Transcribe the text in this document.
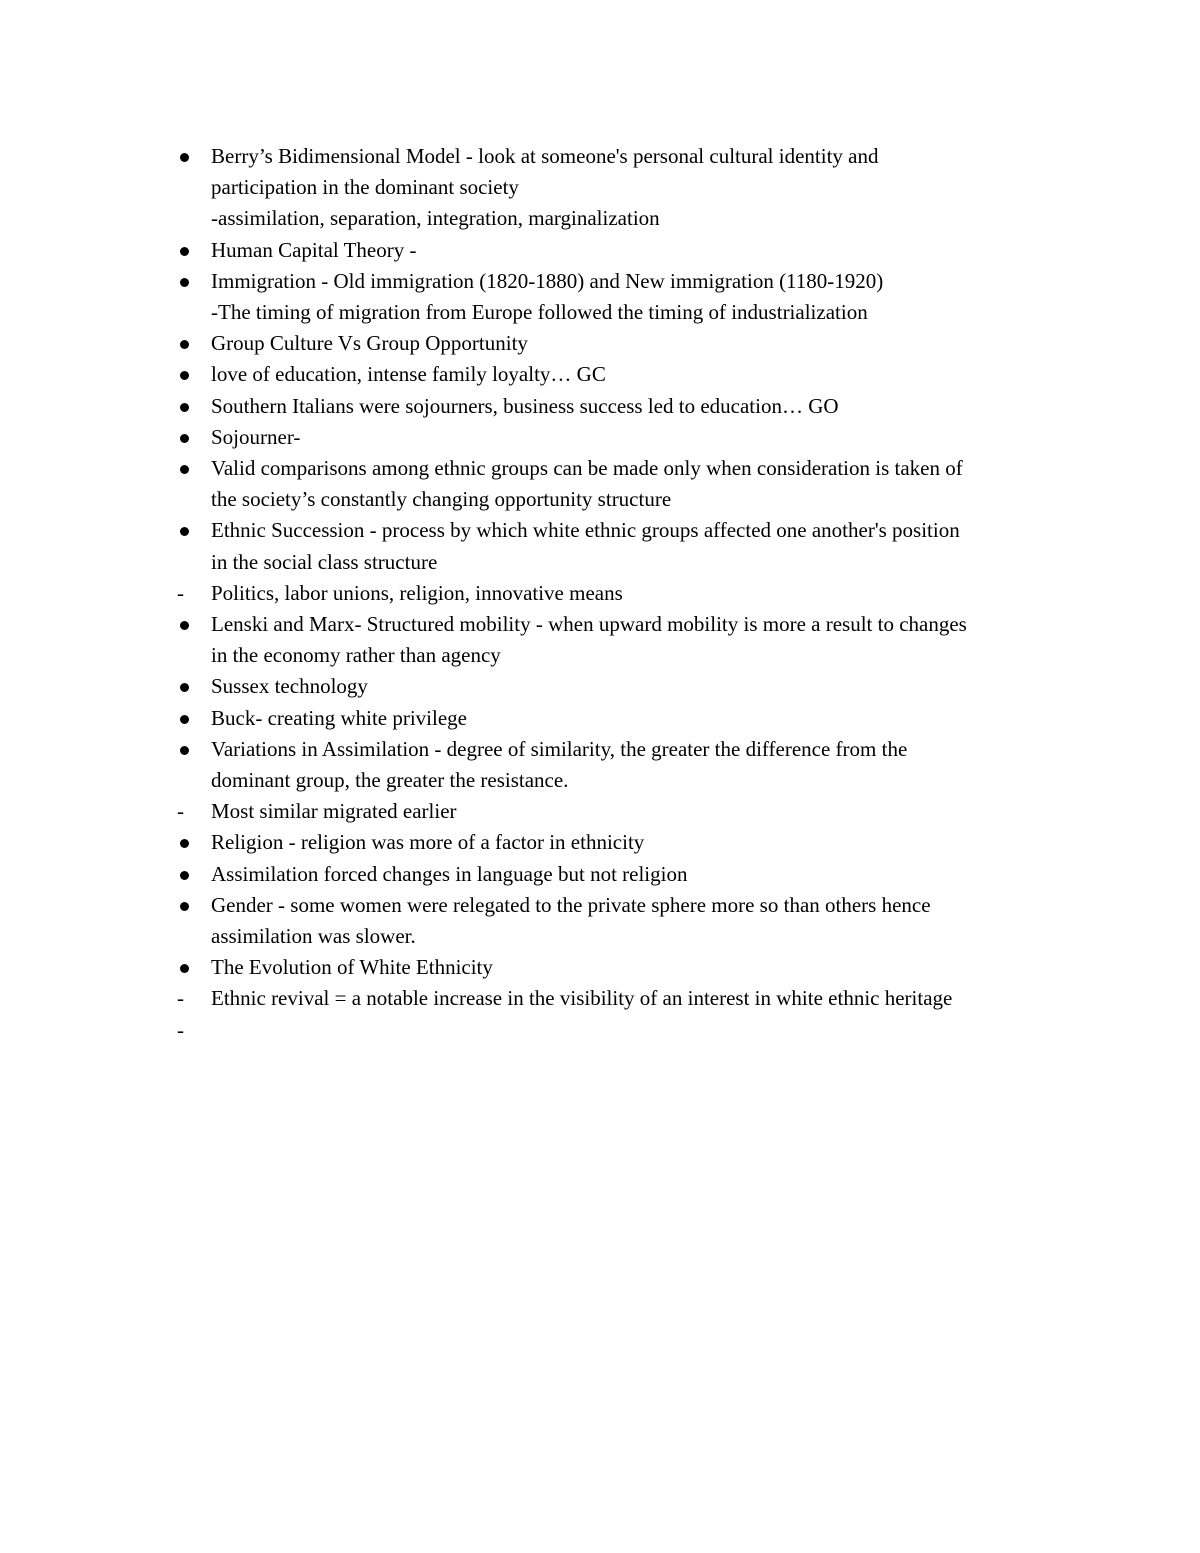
Berry’s Bidimensional Model - look at someone's personal cultural identity and
participation in the dominant society
-assimilation, separation, integration, marginalization
Human Capital Theory -
Immigration - Old immigration (1820-1880) and New immigration (1180-1920)
-The timing of migration from Europe followed the timing of industrialization
Group Culture Vs Group Opportunity
love of education, intense family loyalty… GC
Southern Italians were sojourners, business success led to education… GO
Sojourner-
Valid comparisons among ethnic groups can be made only when consideration is taken of
the society’s constantly changing opportunity structure
Ethnic Succession - process by which white ethnic groups affected one another's position
in the social class structure
- Politics, labor unions, religion, innovative means
Lenski and Marx- Structured mobility - when upward mobility is more a result to changes
in the economy rather than agency
Sussex technology
Buck- creating white privilege
Variations in Assimilation - degree of similarity, the greater the difference from the
dominant group, the greater the resistance.
- Most similar migrated earlier
Religion - religion was more of a factor in ethnicity
Assimilation forced changes in language but not religion
Gender - some women were relegated to the private sphere more so than others hence
assimilation was slower.
The Evolution of White Ethnicity
- Ethnic revival = a notable increase in the visibility of an interest in white ethnic heritage
-
